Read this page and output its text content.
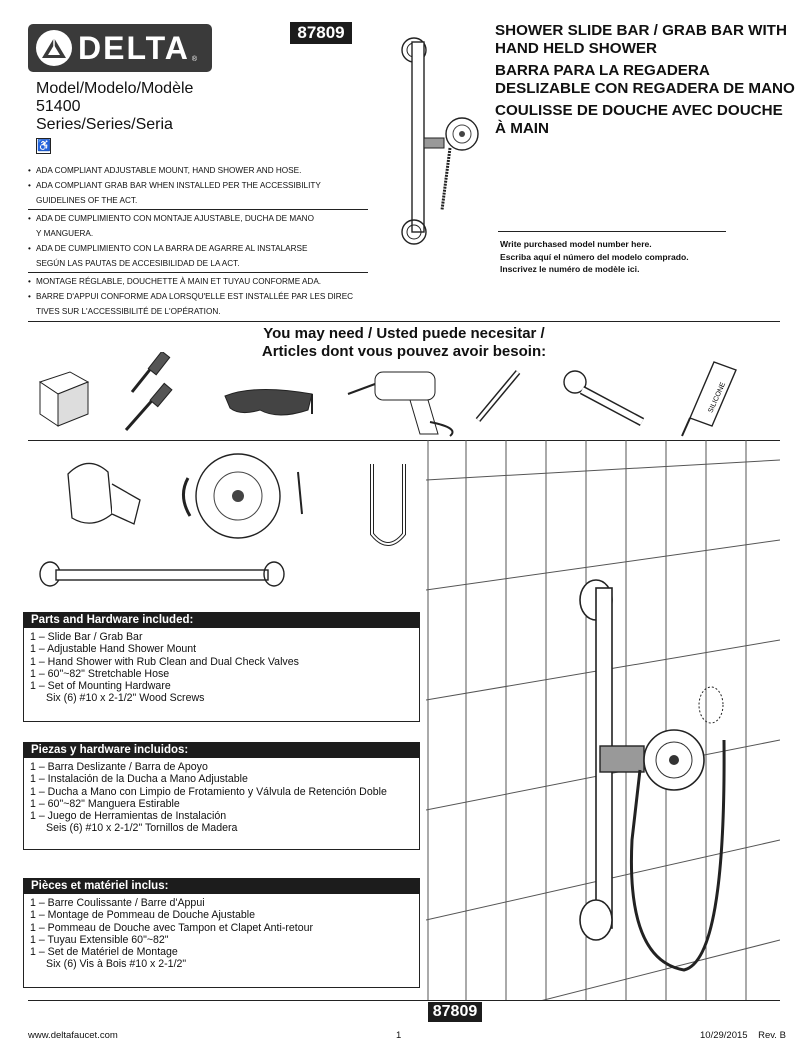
DELTA ®
87809
Model/Modelo/Modèle
51400
Series/Series/Seria
♿
• ADA COMPLIANT ADJUSTABLE MOUNT, HAND SHOWER AND HOSE.
• ADA COMPLIANT GRAB BAR WHEN INSTALLED PER THE ACCESSIBILITY
GUIDELINES OF THE ACT.
• ADA DE CUMPLIMIENTO CON MONTAJE AJUSTABLE, DUCHA DE MANO
Y MANGUERA.
• ADA DE CUMPLIMIENTO CON LA BARRA DE AGARRE AL INSTALARSE
SEGÚN LAS PAUTAS DE ACCESIBILIDAD DE LA ACT.
• MONTAGE RÉGLABLE, DOUCHETTE À MAIN ET TUYAU CONFORME ADA.
• BARRE D'APPUI CONFORME ADA LORSQU'ELLE EST INSTALLÉE PAR LES DIREC
TIVES SUR L'ACCESSIBILITÉ DE L'OPÉRATION.

SHOWER SLIDE BAR / GRAB BAR WITH HAND HELD SHOWER

BARRA PARA LA REGADERA DESLIZABLE CON REGADERA DE MANO

COULISSE DE DOUCHE AVEC DOUCHE À MAIN

Write purchased model number here.
Escriba aquí el número del modelo comprado.
Inscrivez le numéro de modèle ici.
You may need / Usted puede necesitar /
Articles dont vous pouvez avoir besoin:
SILICONE
Parts and Hardware included:
1 – Slide Bar / Grab Bar
1 – Adjustable Hand Shower Mount
1 – Hand Shower with Rub Clean and Dual Check Valves
1 – 60"~82" Stretchable Hose
1 – Set of Mounting Hardware
Six (6) #10 x 2-1/2" Wood Screws
Piezas y hardware incluidos:
1 – Barra Deslizante / Barra de Apoyo
1 – Instalación de la Ducha a Mano Adjustable
1 – Ducha a Mano con Limpio de Frotamiento y Válvula de Retención Doble
1 – 60"~82" Manguera Estirable
1 – Juego de Herramientas de Instalación
Seis (6) #10 x 2-1/2" Tornillos de Madera
Pièces et matériel inclus:
1 – Barre Coulissante / Barre d'Appui
1 – Montage de Pommeau de Douche Ajustable
1 – Pommeau de Douche avec Tampon et Clapet Anti-retour
1 – Tuyau Extensible 60"~82"
1 – Set de Matériel de Montage
Six (6) Vis à Bois #10 x 2-1/2"
87809
www.deltafaucet.com	1	10/29/2015 Rev. B
